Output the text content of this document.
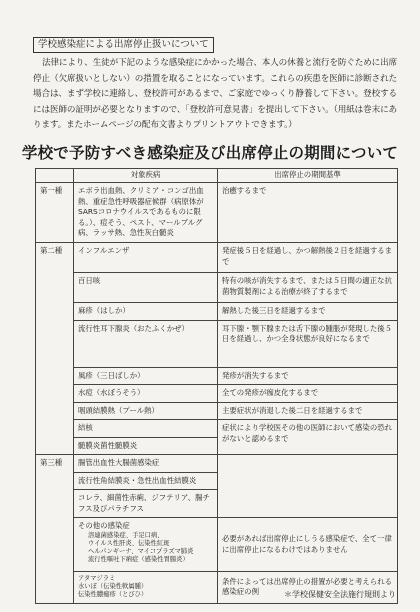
学校感染症による出席停止扱いについて

法律により、生徒が下記のような感染症にかかった場合、本人の休養と流行を防ぐために出席停止（欠席扱いとしない）の措置を取ることになっています。これらの疾患を医師に診断された場合は、まず学校に連絡し、登校許可があるまで、ご家庭でゆっくり静養して下さい。登校するには医師の証明が必要となりますので、「登校許可意見書」を提出して下さい。（用紙は巻末にあります。またホームページの配布文書よりプリントアウトできます。）

学校で予防すべき感染症及び出席停止の期間について
	対象疾病	出席停止の期間基準
第一種	エボラ出血熱、クリミア・コンゴ出血熱、重症急性呼吸器症候群（病原体がSARSコロナウイルスであるものに限る。）、痘そう、ペスト、マールブルグ病、ラッサ熱、急性灰白髄炎	治癒するまで
第二種	インフルエンザ	発症後５日を経過し、かつ解熱後２日を経過するまで
	百日咳	特有の咳が消失するまで、または５日間の適正な抗菌物質製剤による治療が終了するまで
	麻疹（はしか）	解熱した後三日を経過するまで
	流行性耳下腺炎（おたふくかぜ）	耳下腺・顎下腺または舌下腺の腫脹が発現した後５日を経過し、かつ全身状態が良好になるまで
	風疹（三日ばしか）	発疹が消失するまで
	水痘（水ぼうそう）	全ての発疹が痂皮化するまで
	咽頭結膜熱（プール熱）	主要症状が消退した後二日を経過するまで
	結核	症状により学校医その他の医師において感染の恐れがないと認めるまで
	髄膜炎菌性髄膜炎	
第三種	腸管出血性大腸菌感染症	
	流行性角結膜炎・急性出血性結膜炎	
	コレラ、細菌性赤痢、ジフテリア、腸チフス及びパラチフス	

	その他の感染症
溶連菌感染症、手足口病、
ウイルス性肝炎、伝染性紅斑
ヘルパンギーナ、マイコプラズマ肺炎
流行性嘔吐下痢症（感染性胃腸炎）	必要があれば出席停止にしうる感染症で、全て一律に出席停止になるわけではありません

	アタマジラミ
水いぼ（伝染性軟属腫）
伝染性膿痂疹（とびひ）	条件によっては出席停止の措置が必要と考えられる感染症の例	＊学校保健安全法施行規則より
